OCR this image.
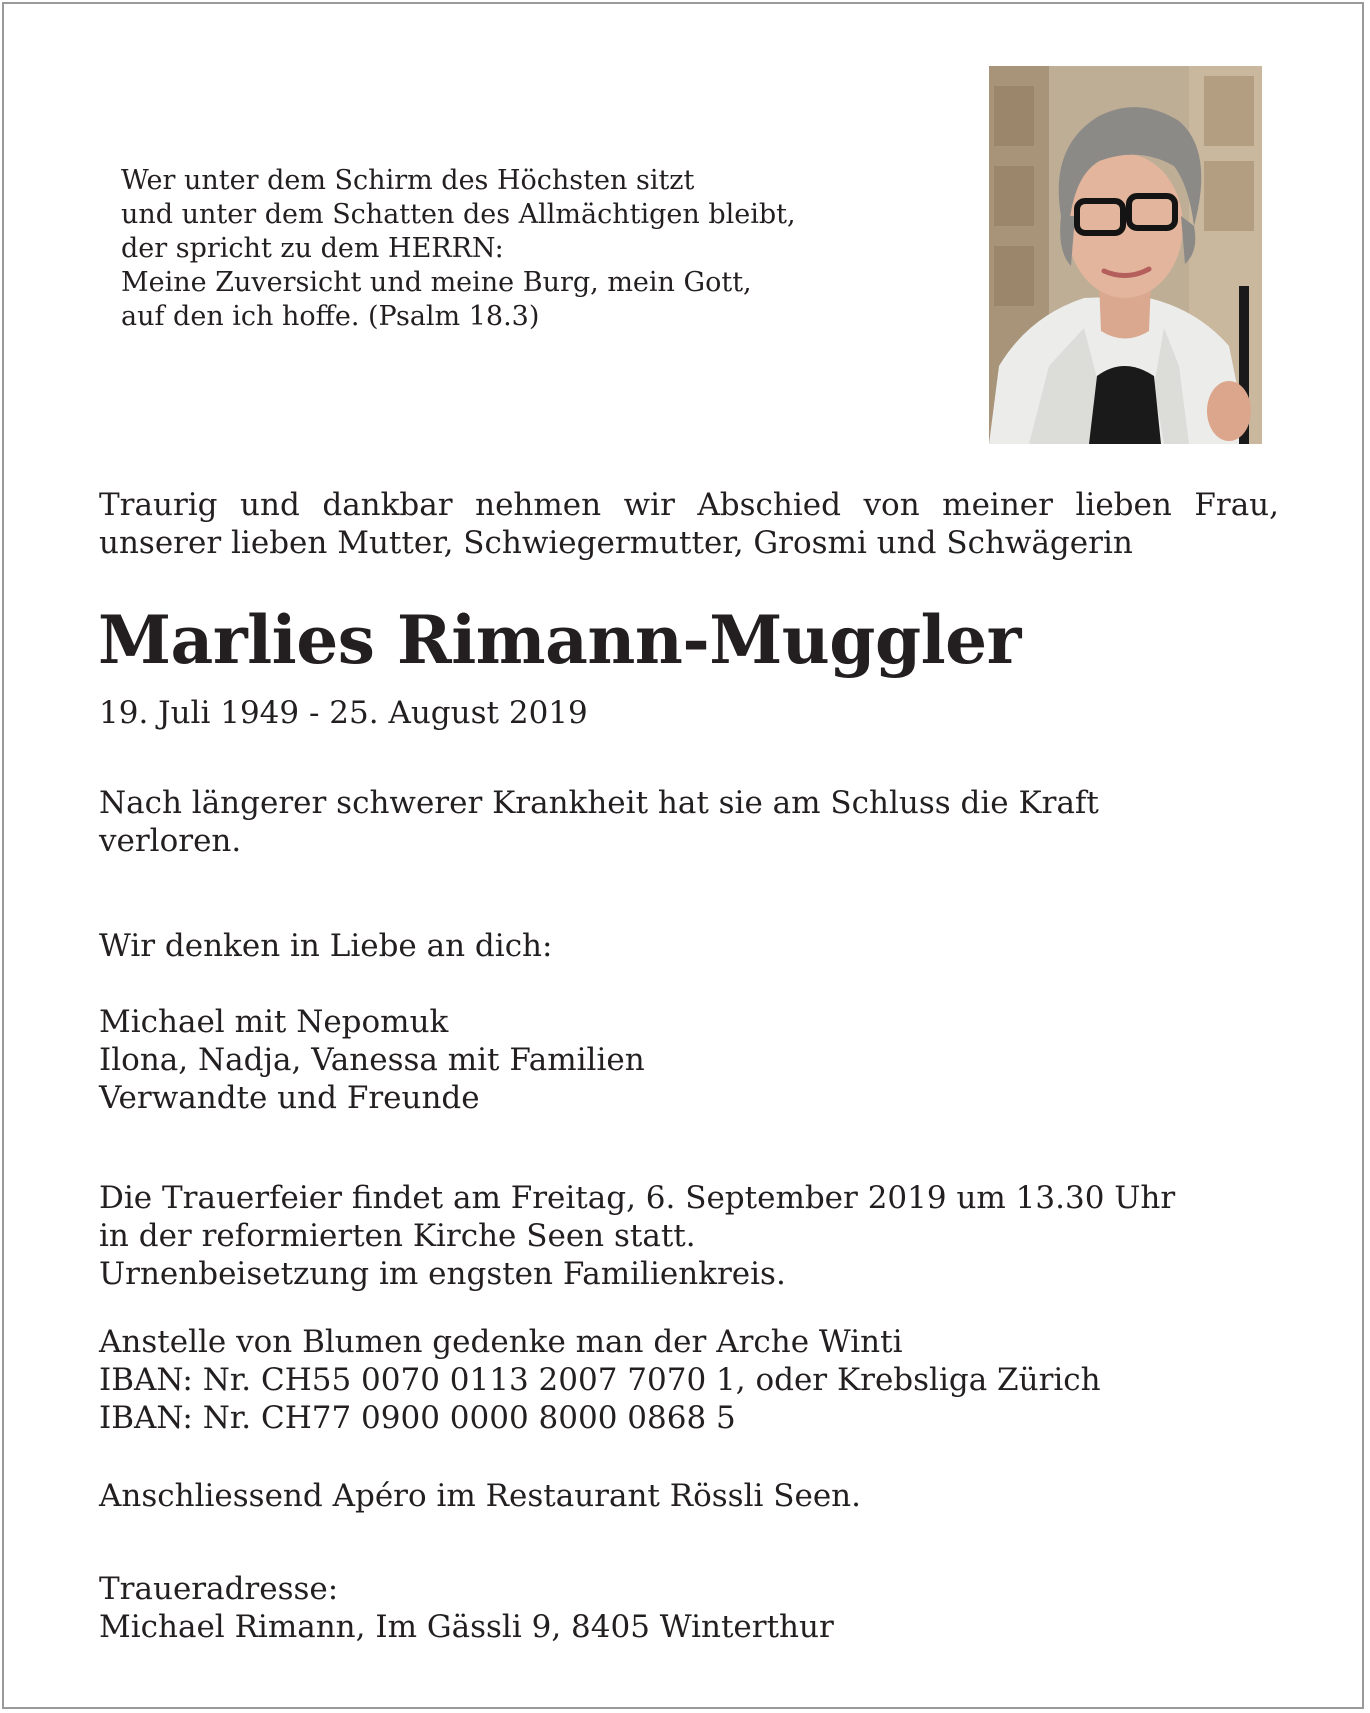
Wer unter dem Schirm des Höchsten sitzt
und unter dem Schatten des Allmächtigen bleibt,
der spricht zu dem HERRN:
Meine Zuversicht und meine Burg, mein Gott,
auf den ich hoffe. (Psalm 18.3)
Traurig und dankbar nehmen wir Abschied von meiner lieben Frau,
unserer lieben Mutter, Schwiegermutter, Grosmi und Schwägerin
Marlies Rimann-Muggler
19. Juli 1949 - 25. August 2019
Nach längerer schwerer Krankheit hat sie am Schluss die Kraft
verloren.
Wir denken in Liebe an dich:
Michael mit Nepomuk
Ilona, Nadja, Vanessa mit Familien
Verwandte und Freunde
Die Trauerfeier findet am Freitag, 6. September 2019 um 13.30 Uhr
in der reformierten Kirche Seen statt.
Urnenbeisetzung im engsten Familienkreis.
Anstelle von Blumen gedenke man der Arche Winti
IBAN: Nr. CH55 0070 0113 2007 7070 1, oder Krebsliga Zürich
IBAN: Nr. CH77 0900 0000 8000 0868 5
Anschliessend Apéro im Restaurant Rössli Seen.
Traueradresse:
Michael Rimann, Im Gässli 9, 8405 Winterthur
